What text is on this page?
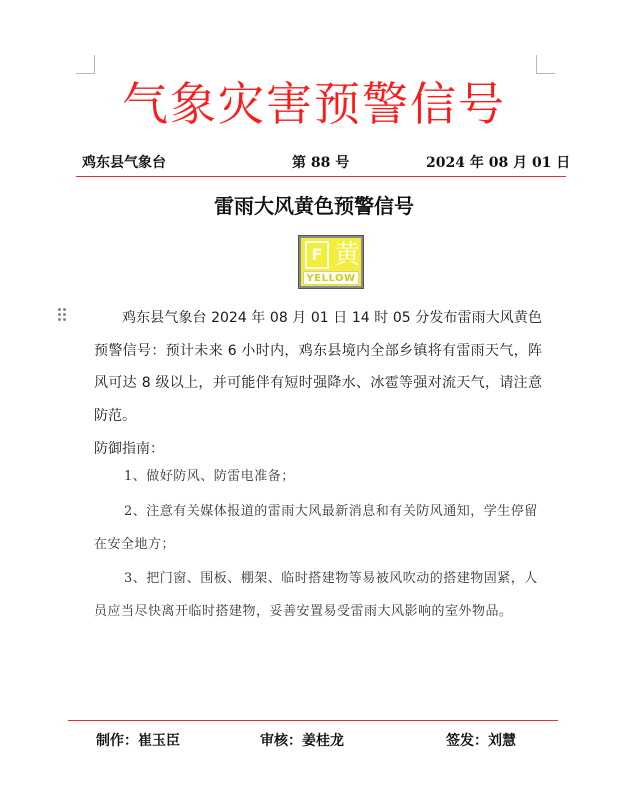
气象灾害预警信号
鸡东县气象台	第 88 号	2024 年 08 月 01 日
雷雨大风黄色预警信号
F 黄
YELLOW
鸡东县气象台 2024 年 08 月 01 日 14 时 05 分发布雷雨大风黄色预警信号：预计未来 6 小时内，鸡东县境内全部乡镇将有雷雨天气，阵风可达 8 级以上，并可能伴有短时强降水、冰雹等强对流天气，请注意防范。
防御指南：
1、做好防风、防雷电准备；
2、注意有关媒体报道的雷雨大风最新消息和有关防风通知，学生停留在安全地方；
3、把门窗、围板、棚架、临时搭建物等易被风吹动的搭建物固紧，人员应当尽快离开临时搭建物，妥善安置易受雷雨大风影响的室外物品。
制作：崔玉臣	审核：姜桂龙	签发：刘慧
